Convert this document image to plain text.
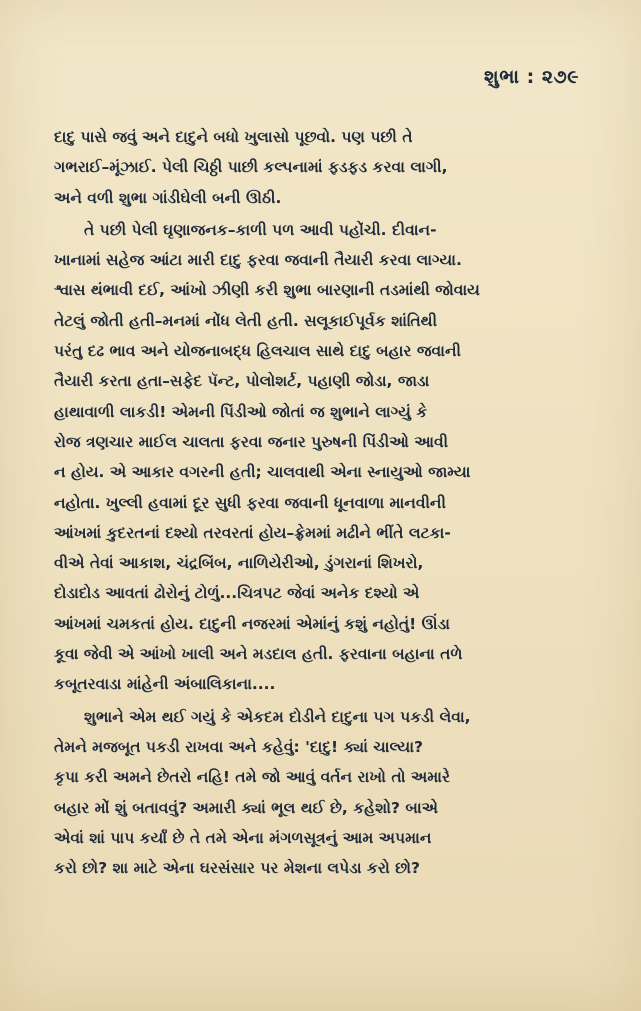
શુભા : ૨૭૯
દાદુ પાસે જવું અને દાદુને બધો ખુલાસો પૂછવો. પણ પછી તે
ગભરાઈ–મૂંઝાઈ. પેલી ચિઠ્ઠી પાછી કલ્પનામાં ફડફડ કરવા લાગી,
અને વળી શુભા ગાંડીઘેલી બની ઊઠી.
તે પછી પેલી ઘૃણાજનક–કાળી પળ આવી પહોંચી. દીવાન-
ખાનામાં સહેજ આંટા મારી દાદુ ફરવા જવાની તૈયારી કરવા લાગ્યા.
શ્વાસ થંભાવી દઈ, આંખો ઝીણી કરી શુભા બારણાની તડમાંથી જોવાય
તેટલું જોતી હતી–મનમાં નોંધ લેતી હતી. સલૂકાઈપૂર્વક શાંતિથી
પરંતુ દઢ ભાવ અને યોજનાબદ્ધ હિલચાલ સાથે દાદુ બહાર જવાની
તૈયારી કરતા હતા–સફેદ પૅન્ટ, પોલોશર્ટ, પહાણી જોડા, જાડા
હાથાવાળી લાકડી! એમની પિંડીઓ જોતાં જ શુભાને લાગ્યું કે
રોજ ત્રણચાર માઈલ ચાલતા ફરવા જનાર પુરુષની પિંડીઓ આવી
ન હોય. એ આકાર વગરની હતી; ચાલવાથી એના સ્નાયુઓ જામ્યા
નહોતા. ખુલ્લી હવામાં દૂર સુધી ફરવા જવાની ધૂનવાળા માનવીની
આંખમાં કુદરતનાં દશ્યો તરવરતાં હોય–ફ્રેમમાં મઢીને ભીંતે લટકા-
વીએ તેવાં આકાશ, ચંદ્રબિંબ, નાળિયેરીઓ, ડુંગરાનાં શિખરો,
દોડાદોડ આવતાં ઢોરોનું ટોળું...ચિત્રપટ જેવાં અનેક દશ્યો એ
આંખમાં ચમકતાં હોય. દાદુની નજરમાં એમાંનું કશું નહોતું! ઊંડા
કૂવા જેવી એ આંખો ખાલી અને મડદાલ હતી. ફરવાના બહાના તળે
કબૂતરવાડા માંહેની અંબાલિકાના....
શુભાને એમ થઈ ગયું કે એકદમ દોડીને દાદુના પગ પકડી લેવા,
તેમને મજબૂત પકડી રાખવા અને કહેવું: 'દાદુ! ક્યાં ચાલ્યા?
કૃપા કરી અમને છેતરો નહિ! તમે જો આવું વર્તન રાખો તો અમારે
બહાર મોં શું બતાવવું? અમારી ક્યાં ભૂલ થઈ છે, કહેશો? બાએ
એવાં શાં પાપ કર્યાં છે તે તમે એના મંગળસૂત્રનું આમ અપમાન
કરો છો? શા માટે એના ઘરસંસાર પર મેશના લપેડા કરો છો?
